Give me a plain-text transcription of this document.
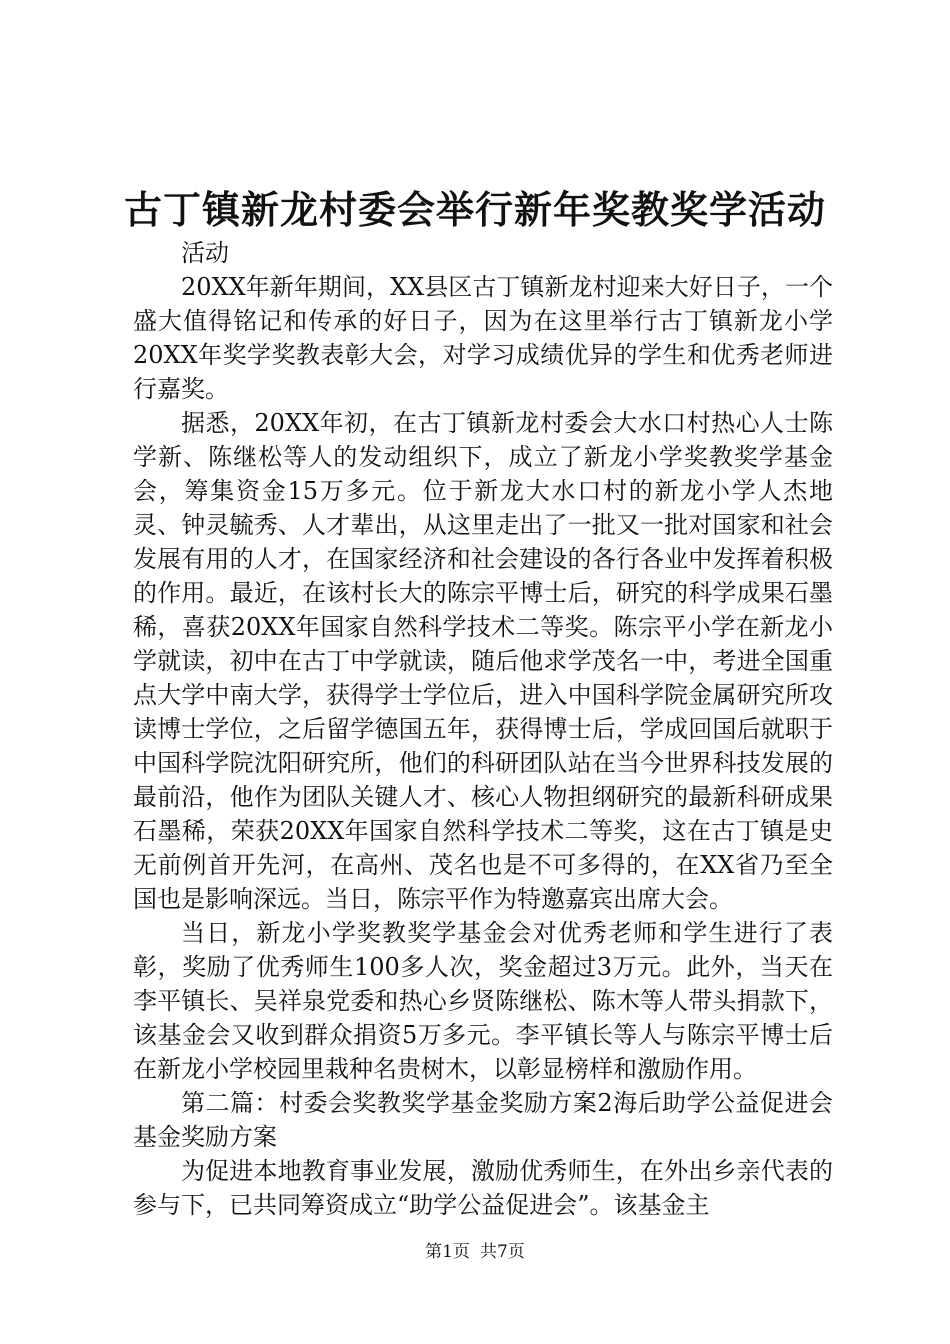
古丁镇新龙村委会举行新年奖教奖学活动

活动

20XX年新年期间，XX县区古丁镇新龙村迎来大好日子，一个盛大值得铭记和传承的好日子，因为在这里举行古丁镇新龙小学20XX年奖学奖教表彰大会，对学习成绩优异的学生和优秀老师进行嘉奖。

据悉，20XX年初，在古丁镇新龙村委会大水口村热心人士陈学新、陈继松等人的发动组织下，成立了新龙小学奖教奖学基金会，筹集资金15万多元。位于新龙大水口村的新龙小学人杰地灵、钟灵毓秀、人才辈出，从这里走出了一批又一批对国家和社会发展有用的人才，在国家经济和社会建设的各行各业中发挥着积极的作用。最近，在该村长大的陈宗平博士后，研究的科学成果石墨稀，喜获20XX年国家自然科学技术二等奖。陈宗平小学在新龙小学就读，初中在古丁中学就读，随后他求学茂名一中，考进全国重点大学中南大学，获得学士学位后，进入中国科学院金属研究所攻读博士学位，之后留学德国五年，获得博士后，学成回国后就职于中国科学院沈阳研究所，他们的科研团队站在当今世界科技发展的最前沿，他作为团队关键人才、核心人物担纲研究的最新科研成果石墨稀，荣获20XX年国家自然科学技术二等奖，这在古丁镇是史无前例首开先河，在高州、茂名也是不可多得的，在XX省乃至全国也是影响深远。当日，陈宗平作为特邀嘉宾出席大会。

当日，新龙小学奖教奖学基金会对优秀老师和学生进行了表彰，奖励了优秀师生100多人次，奖金超过3万元。此外，当天在李平镇长、吴祥泉党委和热心乡贤陈继松、陈木等人带头捐款下，该基金会又收到群众捐资5万多元。李平镇长等人与陈宗平博士后在新龙小学校园里栽种名贵树木，以彰显榜样和激励作用。

第二篇：村委会奖教奖学基金奖励方案2海后助学公益促进会基金奖励方案

为促进本地教育事业发展，激励优秀师生，在外出乡亲代表的参与下，已共同筹资成立“助学公益促进会”。该基金主

第1页 共7页
